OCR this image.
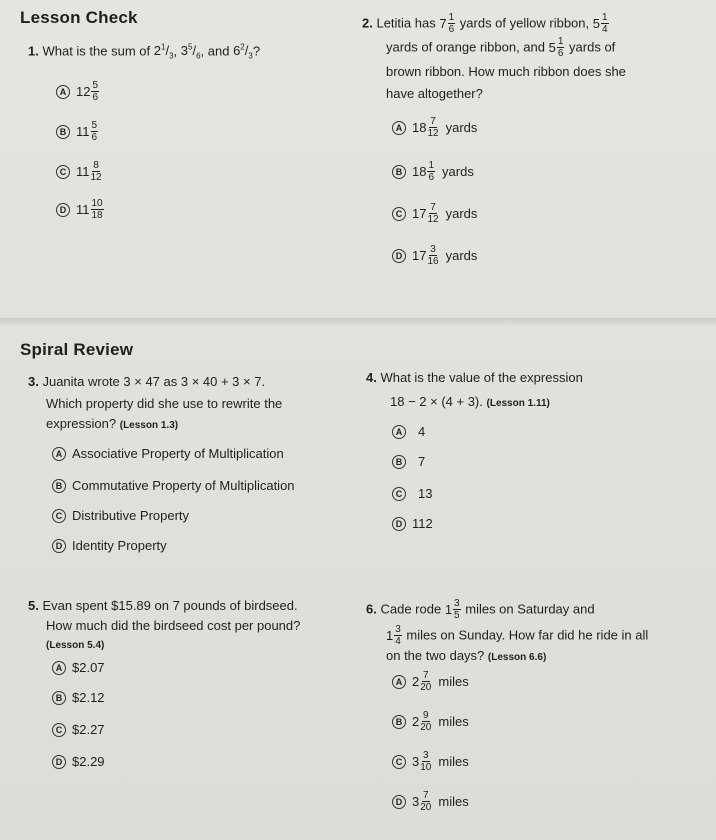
Lesson Check
1. What is the sum of $2^1/_3$, $3^5/_6$, and $6^2/_3$?
A $12 \frac{5}{6}$
B $11 \frac{5}{6}$
C $11 \frac{8}{12}$
D $11 \frac{10}{18}$
2. Letitia has $7 \frac{1}{6}$ yards of yellow ribbon, $5 \frac{1}{4}$
yards of orange ribbon, and $5 \frac{1}{6}$ yards of
brown ribbon. How much ribbon does she
have altogether?
A $18 \frac{7}{12}$ yards
B $18 \frac{1}{6}$ yards
C $17 \frac{7}{12}$ yards
D $17 \frac{3}{16}$ yards
Spiral Review
3. Juanita wrote 3 × 47 as 3 × 40 + 3 × 7.
Which property did she use to rewrite the
expression? (Lesson 1.3)
A Associative Property of Multiplication
B Commutative Property of Multiplication
C Distributive Property
D Identity Property
4. What is the value of the expression
18 − 2 × (4 + 3). (Lesson 1.11)
A 4
B 7
C 13
D 112
5. Evan spent $15.89 on 7 pounds of birdseed.
How much did the birdseed cost per pound?
(Lesson 5.4)
A $2.07
B $2.12
C $2.27
D $2.29
6. Cade rode $1 \frac{3}{5}$ miles on Saturday and
$1 \frac{3}{4}$ miles on Sunday. How far did he ride in all
on the two days? (Lesson 6.6)
A $2 \frac{7}{20}$ miles
B $2 \frac{9}{20}$ miles
C $3 \frac{3}{10}$ miles
D $3 \frac{7}{20}$ miles
